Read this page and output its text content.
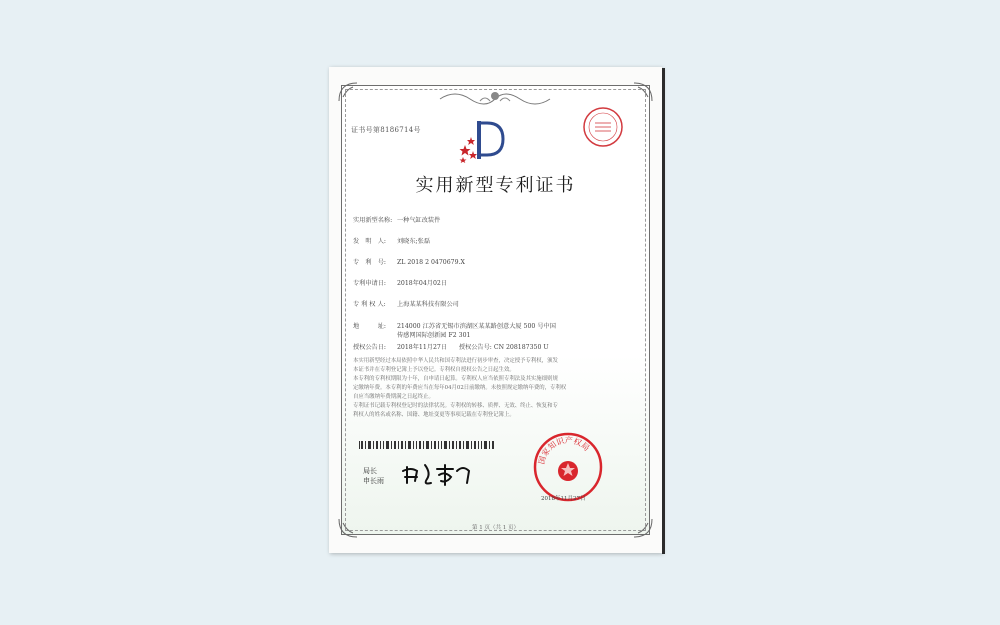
证书号第8186714号
实用新型专利证书
实用新型名称: 一种气缸改装件
发　明　人: 刘晓东;张磊
专　利　号: ZL 2018 2 0470679.X
专利申请日: 2018年04月02日
专 利 权 人: 上海某某科技有限公司
地　　　址: 214000 江苏省无锡市滨湖区某某路创意大厦 500 号中国
传感网国际创新园 F2 301
授权公告日: 2018年11月27日 授权公告号: CN 208187350 U
本实用新型经过本局依照中华人民共和国专利法进行初步审查，决定授予专利权，颁发
本证书并在专利登记簿上予以登记。专利权自授权公告之日起生效。
本专利的专利权期限为十年，自申请日起算。专利权人应当依照专利法及其实施细则规
定缴纳年费。本专利的年费应当在每年04月02日前缴纳。未按照规定缴纳年费的，专利权
自应当缴纳年费期满之日起终止。
专利证书记载专利权登记时的法律状况。专利权的转移、质押、无效、终止、恢复和专
利权人的姓名或名称、国籍、地址变更等事项记载在专利登记簿上。
局长
申长雨
国家知识产权局
2018年11月27日
第 1 页（共 1 页）
